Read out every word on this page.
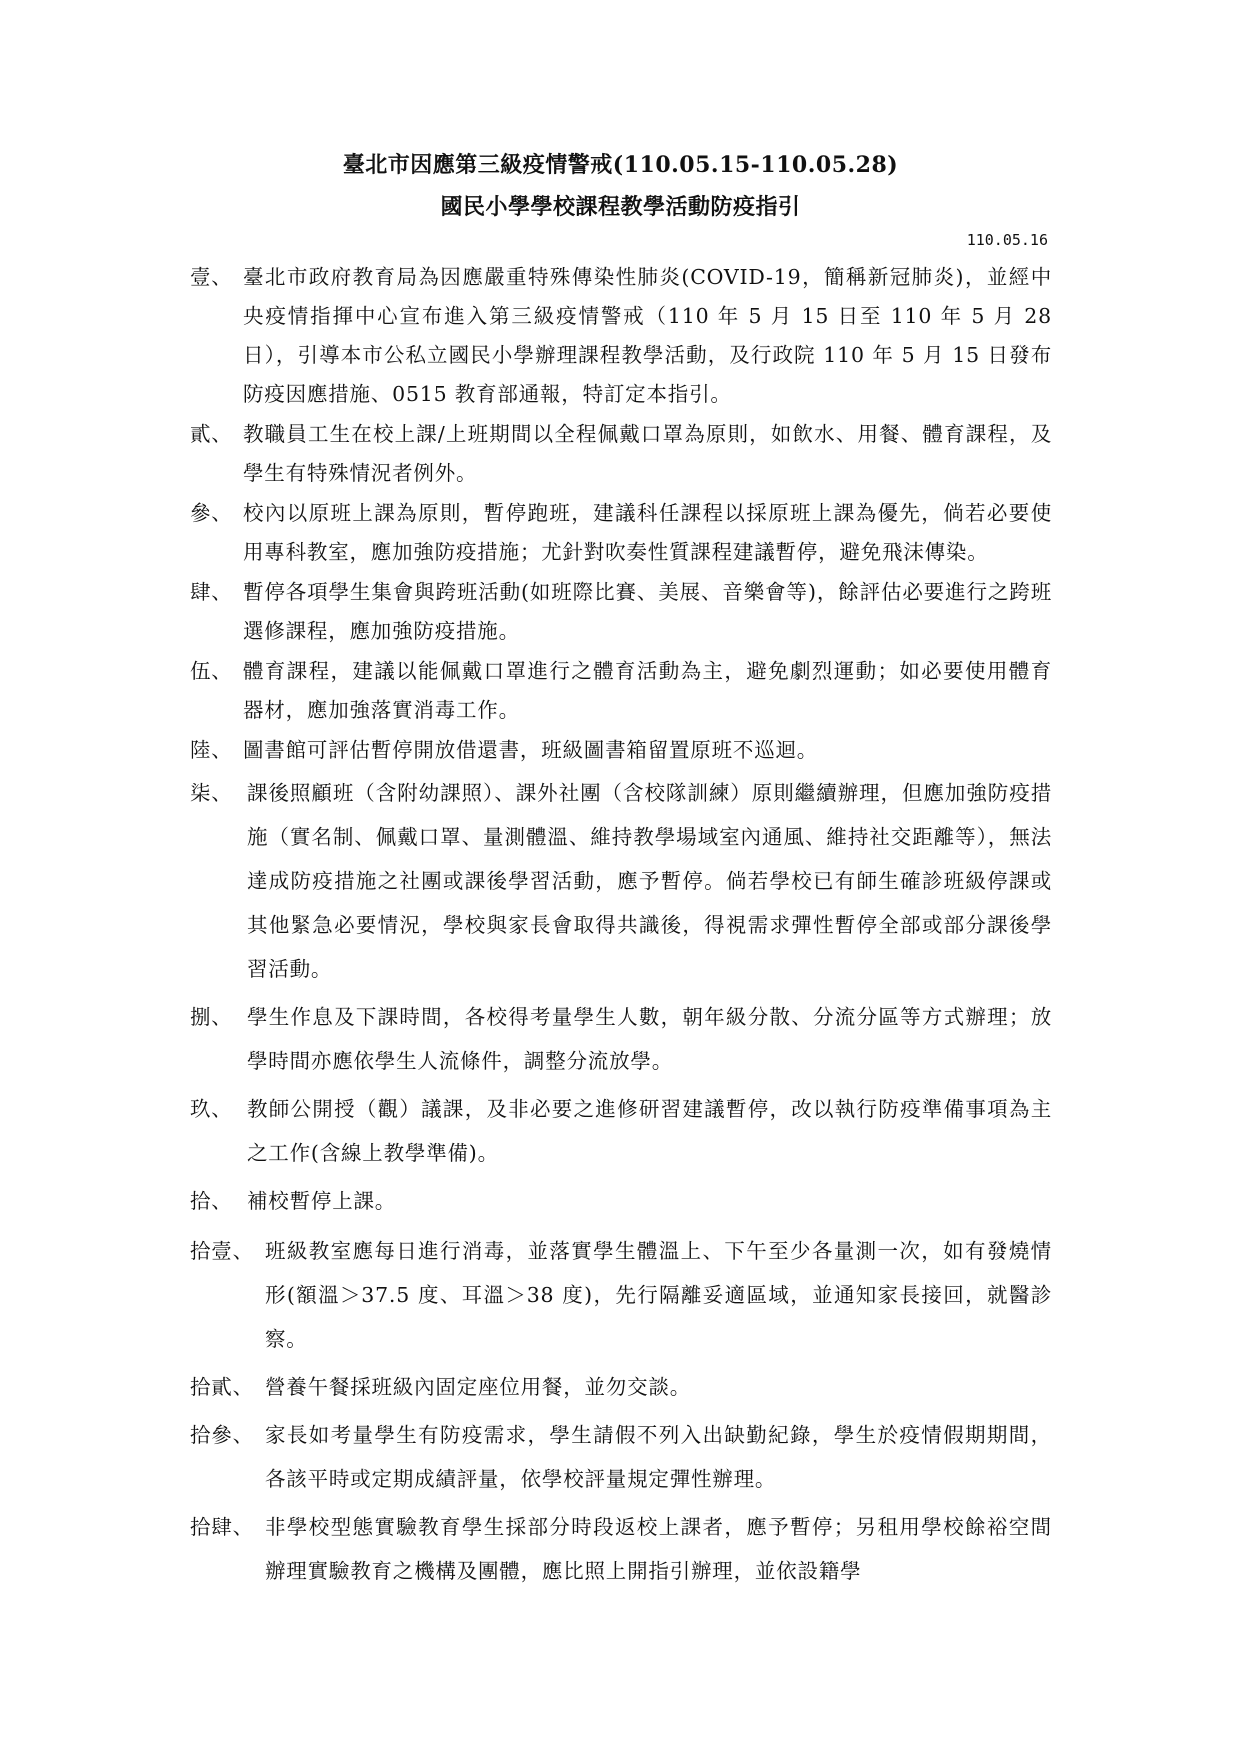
臺北市因應第三級疫情警戒(110.05.15-110.05.28)
國民小學學校課程教學活動防疫指引
110.05.16
壹、 臺北市政府教育局為因應嚴重特殊傳染性肺炎(COVID-19，簡稱新冠肺炎)，並經中央疫情指揮中心宣布進入第三級疫情警戒（110 年 5 月 15 日至 110 年 5 月 28 日），引導本市公私立國民小學辦理課程教學活動，及行政院 110 年 5 月 15 日發布防疫因應措施、0515 教育部通報，特訂定本指引。
貳、 教職員工生在校上課/上班期間以全程佩戴口罩為原則，如飲水、用餐、體育課程，及學生有特殊情況者例外。
參、 校內以原班上課為原則，暫停跑班，建議科任課程以採原班上課為優先，倘若必要使用專科教室，應加強防疫措施；尤針對吹奏性質課程建議暫停，避免飛沫傳染。
肆、 暫停各項學生集會與跨班活動(如班際比賽、美展、音樂會等)，餘評估必要進行之跨班選修課程，應加強防疫措施。
伍、 體育課程，建議以能佩戴口罩進行之體育活動為主，避免劇烈運動；如必要使用體育器材，應加強落實消毒工作。
陸、 圖書館可評估暫停開放借還書，班級圖書箱留置原班不巡迴。
柒、 課後照顧班（含附幼課照）、課外社團（含校隊訓練）原則繼續辦理，但應加強防疫措施（實名制、佩戴口罩、量測體溫、維持教學場域室內通風、維持社交距離等），無法達成防疫措施之社團或課後學習活動，應予暫停。倘若學校已有師生確診班級停課或其他緊急必要情況，學校與家長會取得共識後，得視需求彈性暫停全部或部分課後學習活動。
捌、 學生作息及下課時間，各校得考量學生人數，朝年級分散、分流分區等方式辦理；放學時間亦應依學生人流條件，調整分流放學。
玖、 教師公開授（觀）議課，及非必要之進修研習建議暫停，改以執行防疫準備事項為主之工作(含線上教學準備)。
拾、 補校暫停上課。
拾壹、 班級教室應每日進行消毒，並落實學生體溫上、下午至少各量測一次，如有發燒情形(額溫＞37.5 度、耳溫＞38 度)，先行隔離妥適區域，並通知家長接回，就醫診察。
拾貳、 營養午餐採班級內固定座位用餐，並勿交談。
拾參、 家長如考量學生有防疫需求，學生請假不列入出缺勤紀錄，學生於疫情假期期間，各該平時或定期成績評量，依學校評量規定彈性辦理。
拾肆、 非學校型態實驗教育學生採部分時段返校上課者，應予暫停；另租用學校餘裕空間辦理實驗教育之機構及團體，應比照上開指引辦理，並依設籍學
